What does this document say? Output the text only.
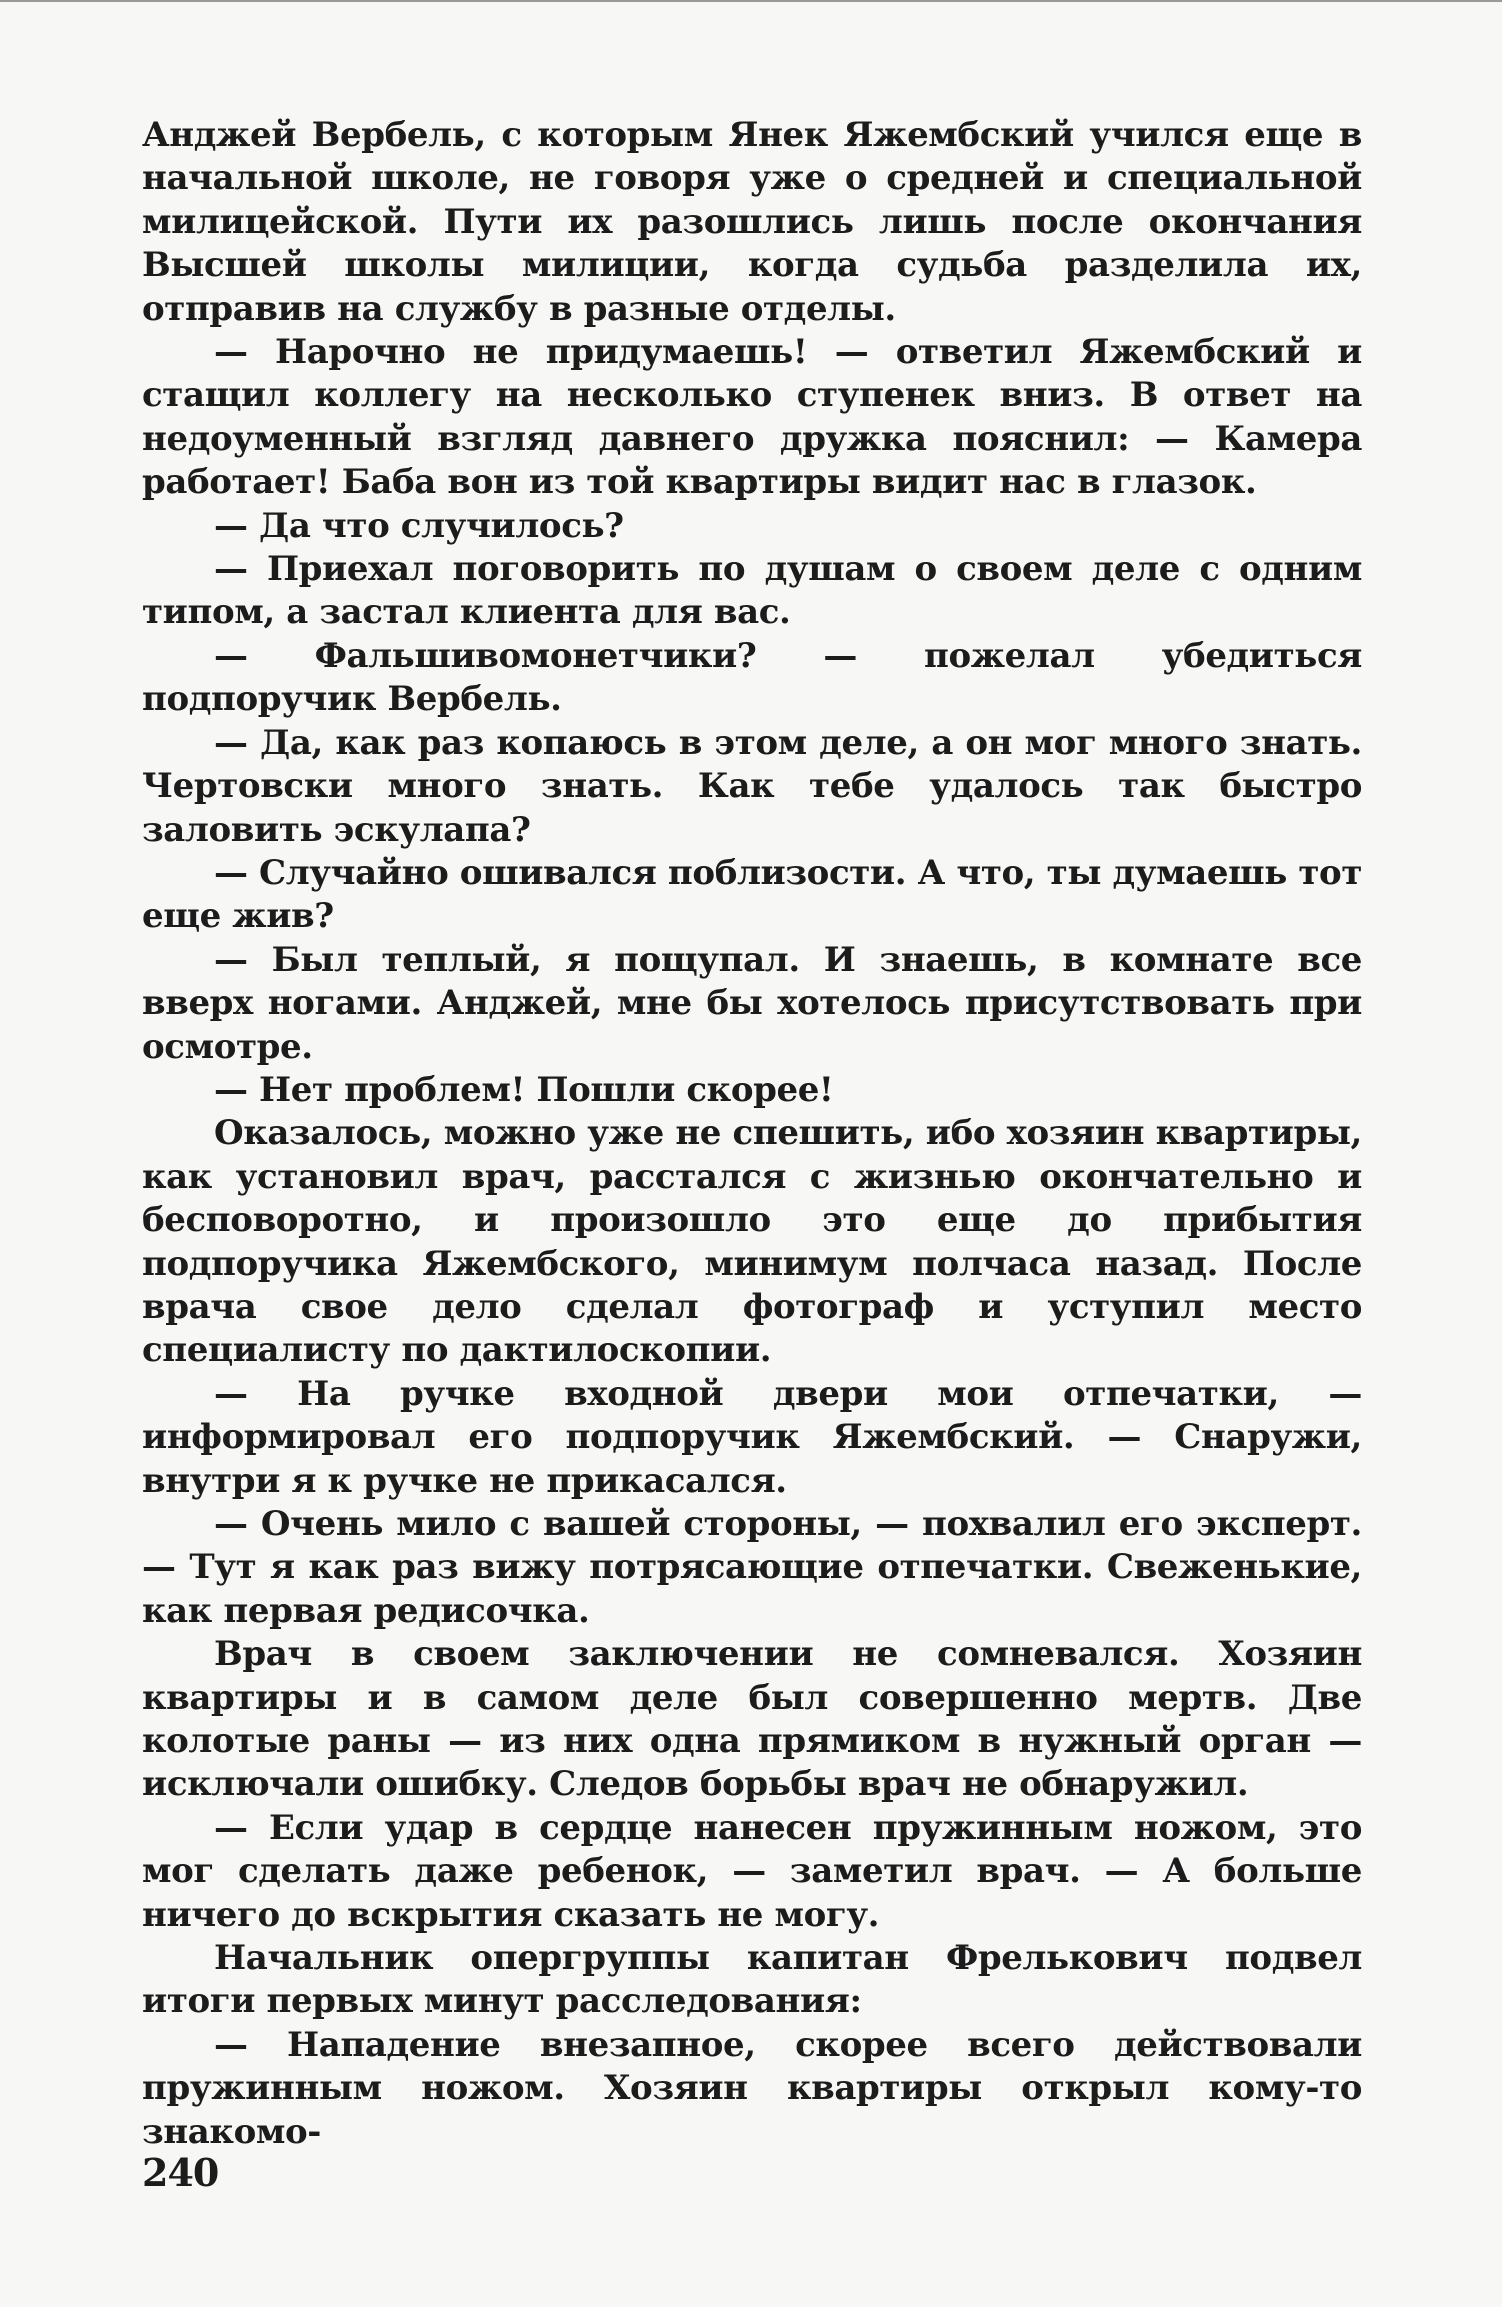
Анджей Вербель, с которым Янек Яжембский учился еще в начальной школе, не говоря уже о средней и специальной милицейской. Пути их разошлись лишь после окончания Высшей школы милиции, когда судьба разделила их, отправив на службу в разные отделы.

— Нарочно не придумаешь! — ответил Яжембский и стащил коллегу на несколько ступенек вниз. В ответ на недоуменный взгляд давнего дружка пояснил: — Камера работает! Баба вон из той квартиры видит нас в глазок.

— Да что случилось?

— Приехал поговорить по душам о своем деле с одним типом, а застал клиента для вас.

— Фальшивомонетчики? — пожелал убедиться подпоручик Вербель.

— Да, как раз копаюсь в этом деле, а он мог много знать. Чертовски много знать. Как тебе удалось так быстро заловить эскулапа?

— Случайно ошивался поблизости. А что, ты думаешь тот еще жив?

— Был теплый, я пощупал. И знаешь, в комнате все вверх ногами. Анджей, мне бы хотелось присутствовать при осмотре.

— Нет проблем! Пошли скорее!

Оказалось, можно уже не спешить, ибо хозяин квартиры, как установил врач, расстался с жизнью окончательно и бесповоротно, и произошло это еще до прибытия подпоручика Яжембского, минимум полчаса назад. После врача свое дело сделал фотограф и уступил место специалисту по дактилоскопии.

— На ручке входной двери мои отпечатки, — информировал его подпоручик Яжембский. — Снаружи, внутри я к ручке не прикасался.

— Очень мило с вашей стороны, — похвалил его эксперт. — Тут я как раз вижу потрясающие отпечатки. Свеженькие, как первая редисочка.

Врач в своем заключении не сомневался. Хозяин квартиры и в самом деле был совершенно мертв. Две колотые раны — из них одна прямиком в нужный орган — исключали ошибку. Следов борьбы врач не обнаружил.

— Если удар в сердце нанесен пружинным ножом, это мог сделать даже ребенок, — заметил врач. — А больше ничего до вскрытия сказать не могу.

Начальник опергруппы капитан Фрелькович подвел итоги первых минут расследования:

— Нападение внезапное, скорее всего действовали пружинным ножом. Хозяин квартиры открыл кому-то знакомо-

240
